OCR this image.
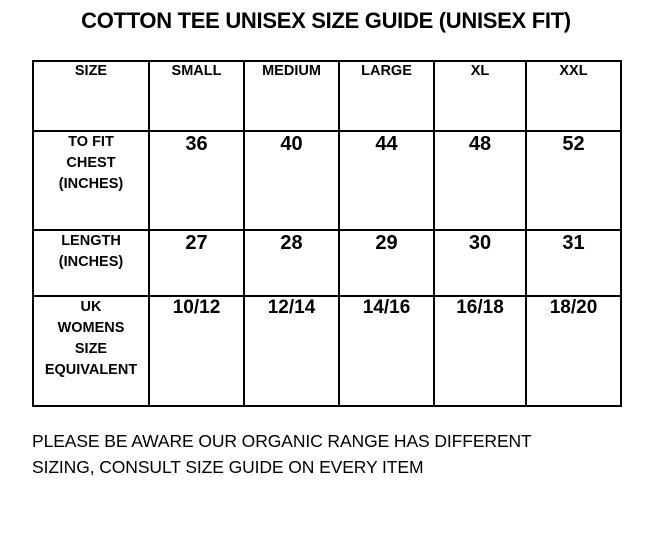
COTTON TEE UNISEX SIZE GUIDE (UNISEX FIT)
SIZE	SMALL	MEDIUM	LARGE	XL	XXL

TO FIT
CHEST
(INCHES)	36	40	44	48	52

LENGTH
(INCHES)	27	28	29	30	31

UK
WOMENS
SIZE
EQUIVALENT	10/12	12/14	14/16	16/18	18/20
PLEASE BE AWARE OUR ORGANIC RANGE HAS DIFFERENT
SIZING, CONSULT SIZE GUIDE ON EVERY ITEM
